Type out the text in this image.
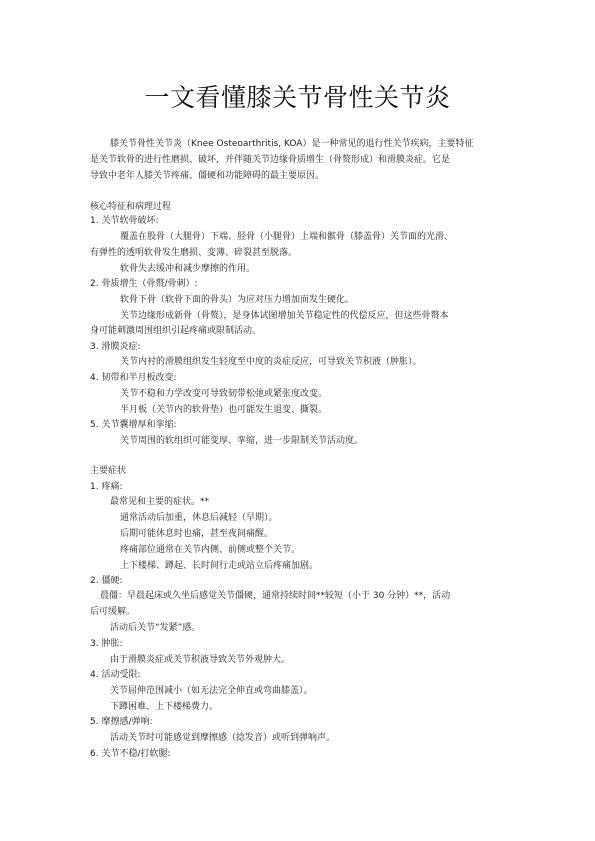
一文看懂膝关节骨性关节炎
膝关节骨性关节炎（Knee Osteoarthritis, KOA）是一种常见的退行性关节疾病，主要特征
是关节软骨的进行性磨损、破坏，并伴随关节边缘骨质增生（骨赘形成）和滑膜炎症。它是
导致中老年人膝关节疼痛、僵硬和功能障碍的最主要原因。
核心特征和病理过程
1. 关节软骨破坏:
覆盖在股骨（大腿骨）下端、胫骨（小腿骨）上端和髌骨（膝盖骨）关节面的光滑、
有弹性的透明软骨发生磨损、变薄、碎裂甚至脱落。
软骨失去缓冲和减少摩擦的作用。
2. 骨质增生（骨赘/骨刺）:
软骨下骨（软骨下面的骨头）为应对压力增加而发生硬化。
关节边缘形成新骨（骨赘），是身体试图增加关节稳定性的代偿反应，但这些骨赘本
身可能刺激周围组织引起疼痛或限制活动。
3. 滑膜炎症:
关节内衬的滑膜组织发生轻度至中度的炎症反应，可导致关节积液（肿胀）。
4. 韧带和半月板改变:
关节不稳和力学改变可导致韧带松弛或紧张度改变。
半月板（关节内的软骨垫）也可能发生退变、撕裂。
5. 关节囊增厚和挛缩:
关节周围的软组织可能变厚、挛缩，进一步限制关节活动度。
主要症状
1. 疼痛:
最常见和主要的症状。**
通常活动后加重，休息后减轻（早期）。
后期可能休息时也痛，甚至夜间痛醒。
疼痛部位通常在关节内侧、前侧或整个关节。
上下楼梯、蹲起、长时间行走或站立后疼痛加剧。
2. 僵硬:
晨僵：早晨起床或久坐后感觉关节僵硬，通常持续时间**较短（小于 30 分钟）**，活动
后可缓解。
活动后关节“发紧”感。
3. 肿胀:
由于滑膜炎症或关节积液导致关节外观肿大。
4. 活动受限:
关节屈伸范围减小（如无法完全伸直或弯曲膝盖）。
下蹲困难、上下楼梯费力。
5. 摩擦感/弹响:
活动关节时可能感觉到摩擦感（捻发音）或听到弹响声。
6. 关节不稳/打软腿:
